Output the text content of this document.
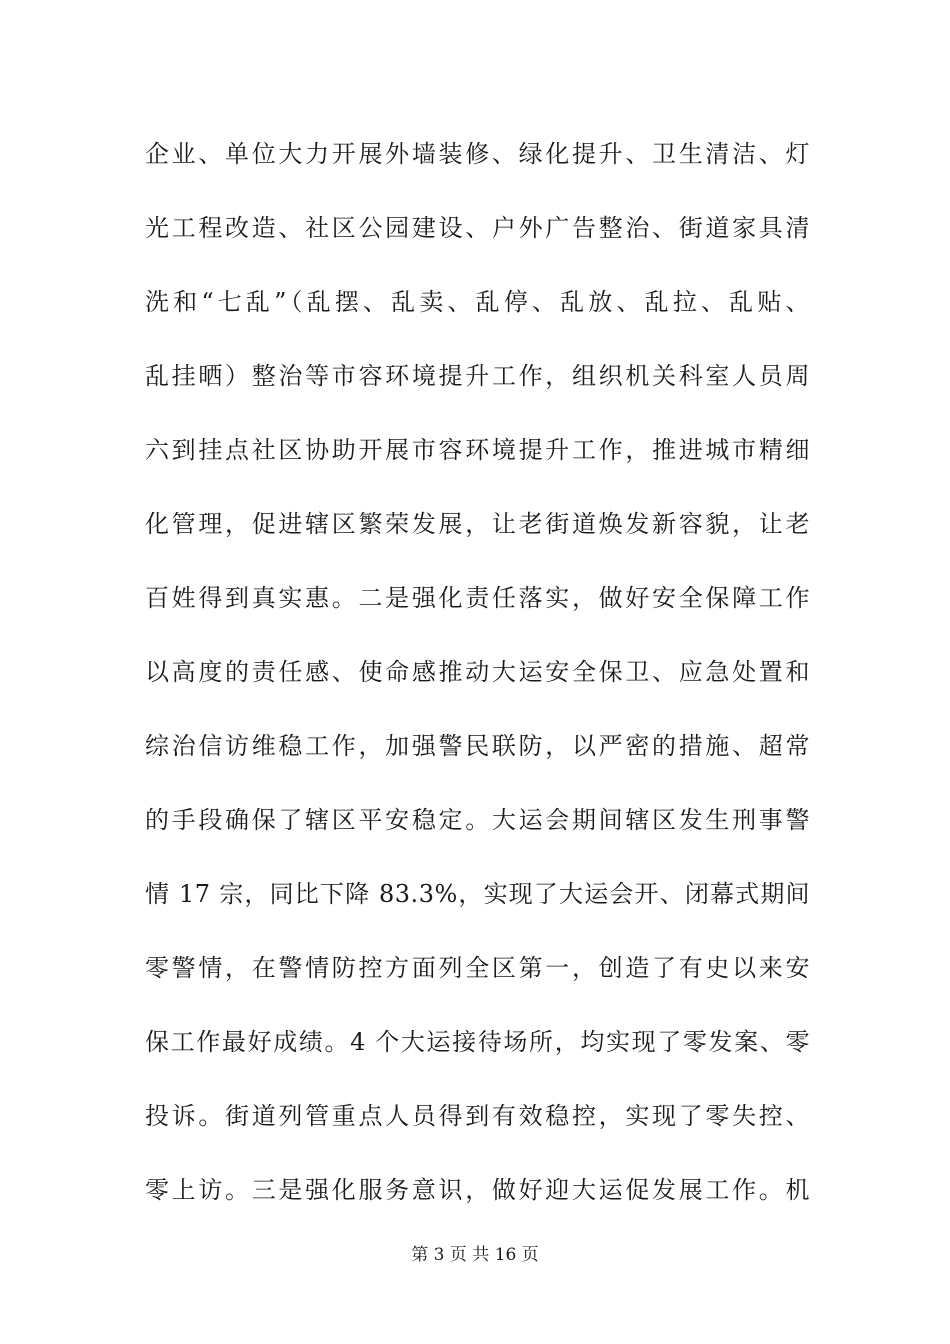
企业、单位大力开展外墙装修、绿化提升、卫生清洁、灯
光工程改造、社区公园建设、户外广告整治、街道家具清
洗和“七乱”（乱摆、乱卖、乱停、乱放、乱拉、乱贴、
乱挂晒）整治等市容环境提升工作，组织机关科室人员周
六到挂点社区协助开展市容环境提升工作，推进城市精细
化管理，促进辖区繁荣发展，让老街道焕发新容貌，让老
百姓得到真实惠。二是强化责任落实，做好安全保障工作
以高度的责任感、使命感推动大运安全保卫、应急处置和
综治信访维稳工作，加强警民联防，以严密的措施、超常
的手段确保了辖区平安稳定。大运会期间辖区发生刑事警
情 17 宗，同比下降 83.3%，实现了大运会开、闭幕式期间
零警情，在警情防控方面列全区第一，创造了有史以来安
保工作最好成绩。4 个大运接待场所，均实现了零发案、零
投诉。街道列管重点人员得到有效稳控，实现了零失控、
零上访。三是强化服务意识，做好迎大运促发展工作。机
第 3 页 共 16 页
